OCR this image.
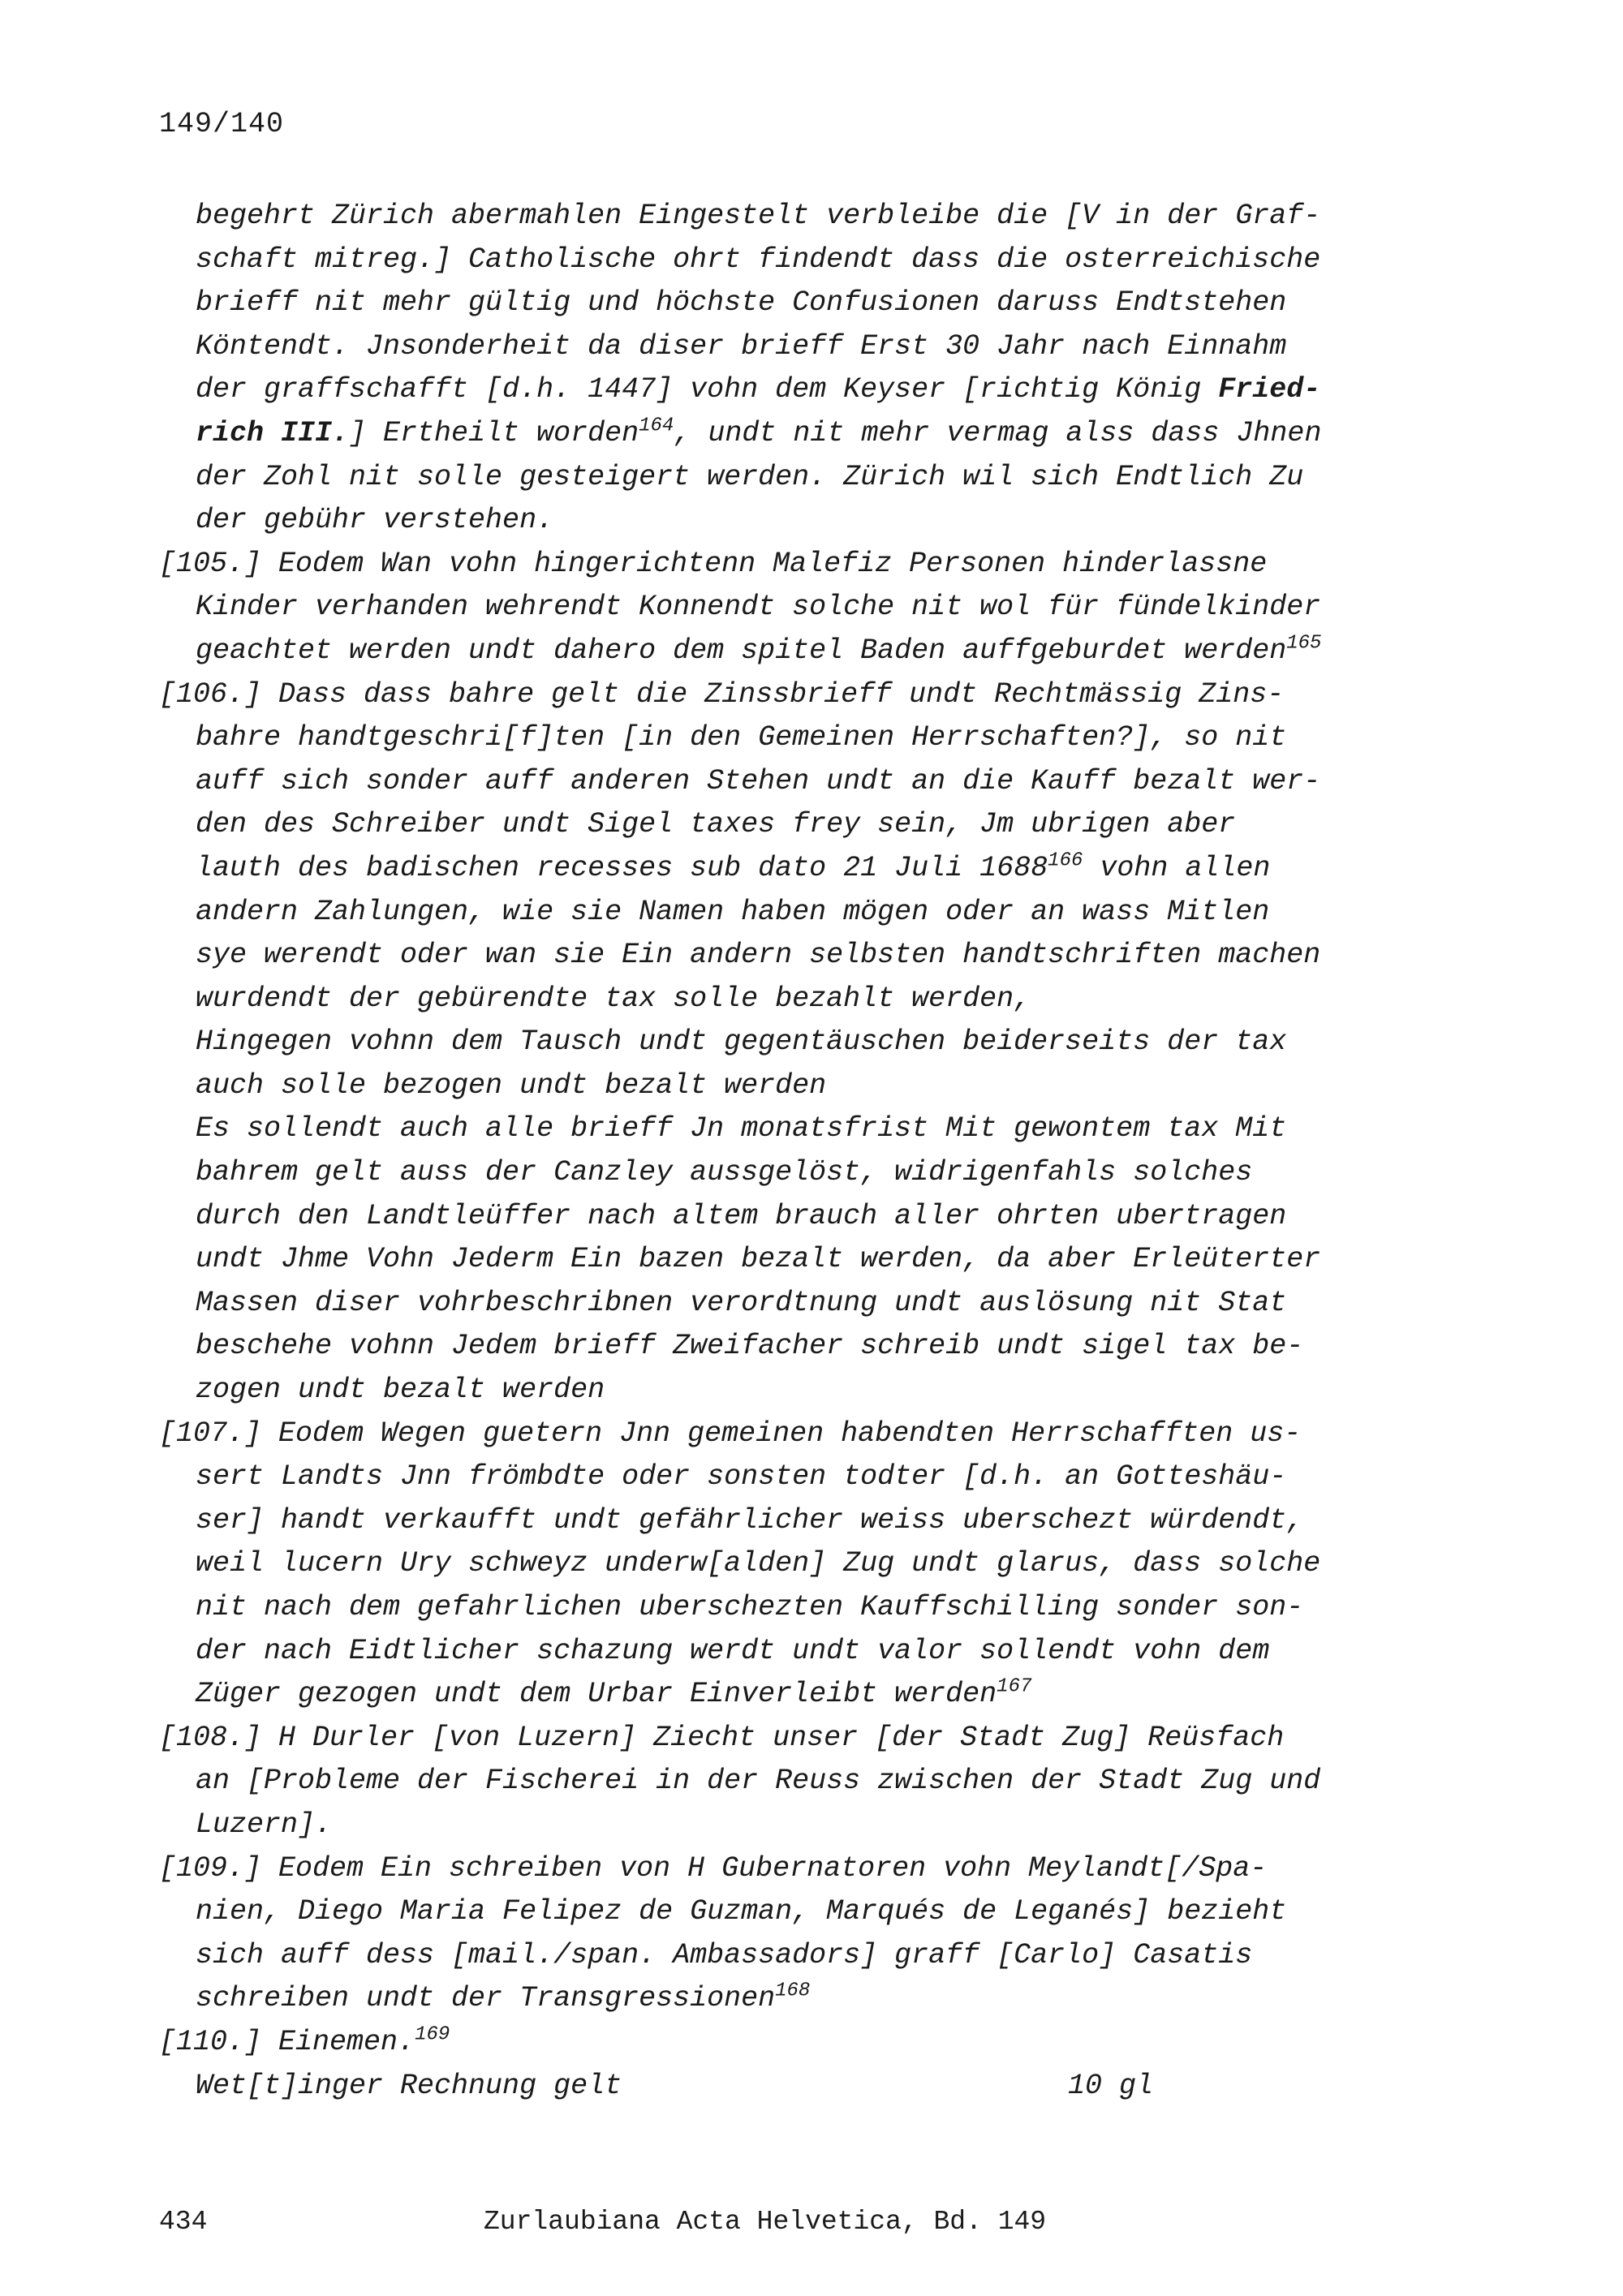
149/140

begehrt Zürich abermahlen Eingestelt verbleibe die [V in der Graf-
schaft mitreg.] Catholische ohrt findendt dass die osterreichische
brieff nit mehr gültig und höchste Confusionen daruss Endtstehen
Köntendt. Jnsonderheit da diser brieff Erst 30 Jahr nach Einnahm
der graffschafft [d.h. 1447] vohn dem Keyser [richtig König Fried-
rich III.] Ertheilt worden$^{164}$, undt nit mehr vermag alss dass Jhnen
der Zohl nit solle gesteigert werden. Zürich wil sich Endtlich Zu
der gebühr verstehen.

[105.] Eodem Wan vohn hingerichtenn Malefiz Personen hinderlassne
Kinder verhanden wehrendt Konnendt solche nit wol für fündelkinder
geachtet werden undt dahero dem spitel Baden auffgeburdet werden$^{165}$

[106.] Dass dass bahre gelt die Zinssbrieff undt Rechtmässig Zins-
bahre handtgeschri[f]ten [in den Gemeinen Herrschaften?], so nit
auff sich sonder auff anderen Stehen undt an die Kauff bezalt wer-
den des Schreiber undt Sigel taxes frey sein, Jm ubrigen aber
lauth des badischen recesses sub dato 21 Juli 1688$^{166}$ vohn allen
andern Zahlungen, wie sie Namen haben mögen oder an wass Mitlen
sye werendt oder wan sie Ein andern selbsten handtschriften machen
wurdendt der gebürendte tax solle bezahlt werden,
Hingegen vohnn dem Tausch undt gegentäuschen beiderseits der tax
auch solle bezogen undt bezalt werden
Es sollendt auch alle brieff Jn monatsfrist Mit gewontem tax Mit
bahrem gelt auss der Canzley aussgelöst, widrigenfahls solches
durch den Landtleüffer nach altem brauch aller ohrten ubertragen
undt Jhme Vohn Jederm Ein bazen bezalt werden, da aber Erleüterter
Massen diser vohrbeschribnen verordtnung undt auslösung nit Stat
beschehe vohnn Jedem brieff Zweifacher schreib undt sigel tax be-
zogen undt bezalt werden

[107.] Eodem Wegen guetern Jnn gemeinen habendten Herrschafften us-
sert Landts Jnn frömbdte oder sonsten todter [d.h. an Gotteshäu-
ser] handt verkaufft undt gefährlicher weiss uberschezt würdendt,
weil lucern Ury schweyz underw[alden] Zug undt glarus, dass solche
nit nach dem gefahrlichen uberschezten Kauffschilling sonder son-
der nach Eidtlicher schazung werdt undt valor sollendt vohn dem
Züger gezogen undt dem Urbar Einverleibt werden$^{167}$

[108.] H Durler [von Luzern] Ziecht unser [der Stadt Zug] Reüsfach
an [Probleme der Fischerei in der Reuss zwischen der Stadt Zug und
Luzern].

[109.] Eodem Ein schreiben von H Gubernatoren vohn Meylandt[/Spa-
nien, Diego Maria Felipez de Guzman, Marqués de Leganés] bezieht
sich auff dess [mail./span. Ambassadors] graff [Carlo] Casatis
schreiben undt der Transgressionen$^{168}$

[110.] Einemen.$^{169}$

Wet[t]inger Rechnung gelt	10 gl
434	Zurlaubiana Acta Helvetica, Bd. 149
